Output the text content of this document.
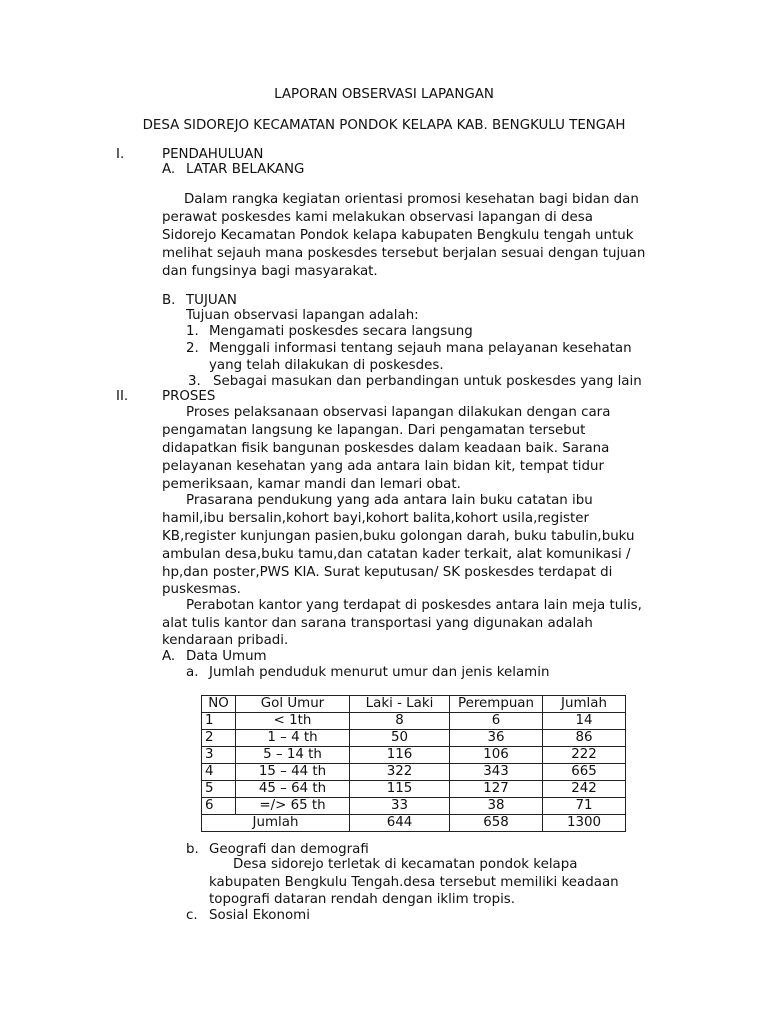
LAPORAN OBSERVASI LAPANGAN
DESA SIDOREJO KECAMATAN PONDOK KELAPA KAB. BENGKULU TENGAH
I.	PENDAHULUAN
A. LATAR BELAKANG
Dalam rangka kegiatan orientasi promosi kesehatan bagi bidan dan
perawat poskesdes kami melakukan observasi lapangan di desa
Sidorejo Kecamatan Pondok kelapa kabupaten Bengkulu tengah untuk
melihat sejauh mana poskesdes tersebut berjalan sesuai dengan tujuan
dan fungsinya bagi masyarakat.
B. TUJUAN
Tujuan observasi lapangan adalah:
1. Mengamati poskesdes secara langsung
2. Menggali informasi tentang sejauh mana pelayanan kesehatan
yang telah dilakukan di poskesdes.
3. Sebagai masukan dan perbandingan untuk poskesdes yang lain
II.	PROSES
Proses pelaksanaan observasi lapangan dilakukan dengan cara
pengamatan langsung ke lapangan. Dari pengamatan tersebut
didapatkan fisik bangunan poskesdes dalam keadaan baik. Sarana
pelayanan kesehatan yang ada antara lain bidan kit, tempat tidur
pemeriksaan, kamar mandi dan lemari obat.
Prasarana pendukung yang ada antara lain buku catatan ibu
hamil,ibu bersalin,kohort bayi,kohort balita,kohort usila,register
KB,register kunjungan pasien,buku golongan darah, buku tabulin,buku
ambulan desa,buku tamu,dan catatan kader terkait, alat komunikasi /
hp,dan poster,PWS KIA. Surat keputusan/ SK poskesdes terdapat di
puskesmas.
Perabotan kantor yang terdapat di poskesdes antara lain meja tulis,
alat tulis kantor dan sarana transportasi yang digunakan adalah
kendaraan pribadi.
A. Data Umum
a. Jumlah penduduk menurut umur dan jenis kelamin
NO	Gol Umur	Laki - Laki	Perempuan	Jumlah
1	< 1th	8	6	14
2	1 – 4 th	50	36	86
3	5 – 14 th	116	106	222
4	15 – 44 th	322	343	665
5	45 – 64 th	115	127	242
6	=/> 65 th	33	38	71
Jumlah		644	658	1300
b. Geografi dan demografi
Desa sidorejo terletak di kecamatan pondok kelapa
kabupaten Bengkulu Tengah.desa tersebut memiliki keadaan
topografi dataran rendah dengan iklim tropis.
c. Sosial Ekonomi
